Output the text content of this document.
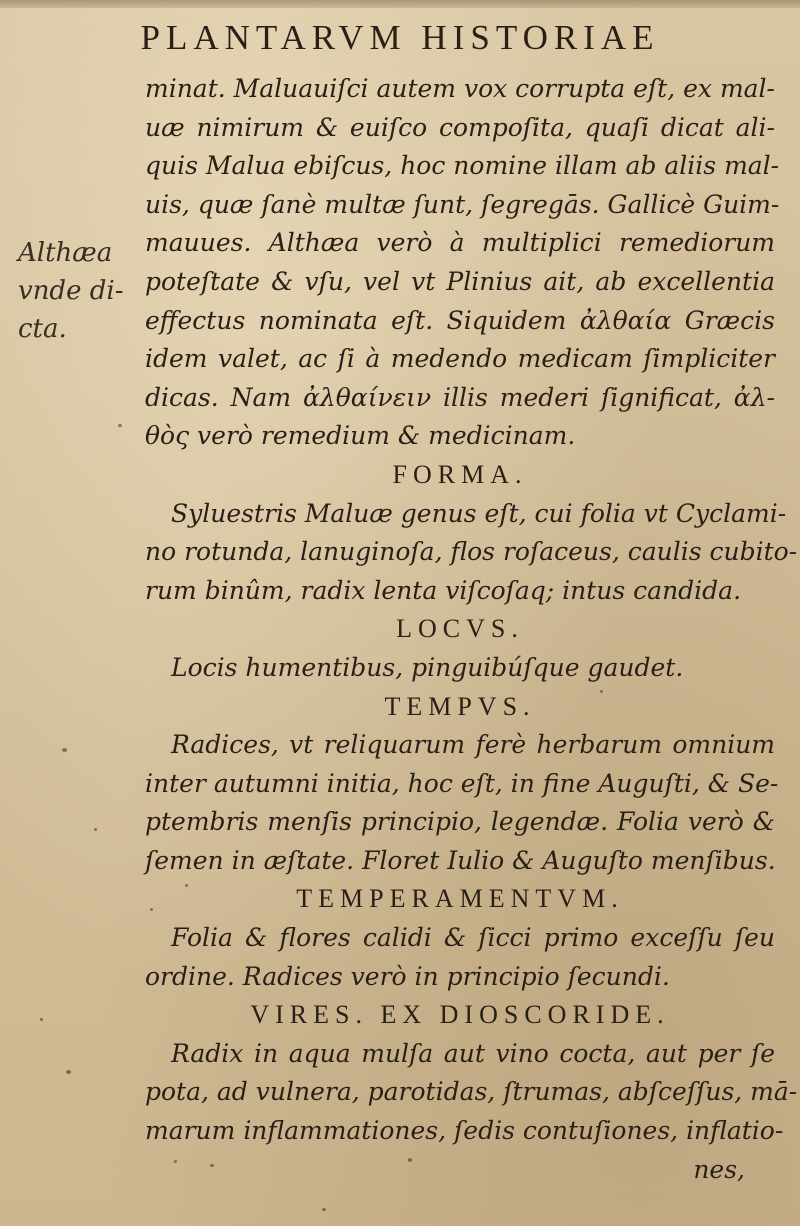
PLANTARVM HISTORIAE
Althæa
vnde di-
cta.
minat. Maluauiſci autem vox corrupta eſt, ex mal-
uæ nimirum & euiſco compoſita, quaſi dicat ali-
quis Malua ebiſcus, hoc nomine illam ab aliis mal-
uis, quæ ſanè multæ ſunt, ſegregās. Gallicè Guim-
mauues. Althæa verò à multiplici remediorum
poteſtate & vſu, vel vt Plinius ait, ab excellentia
effectus nominata eſt. Siquidem ἀλθαία Græcis
idem valet, ac ſi à medendo medicam ſimpliciter
dicas. Nam ἀλθαίνειν illis mederi ſignificat, ἀλ-
θὸς verò remedium & medicinam.
FORMA.
Syluestris Maluæ genus eſt, cui folia vt Cyclami-
no rotunda, lanuginoſa, flos roſaceus, caulis cubito-
rum binûm, radix lenta viſcoſaq; intus candida.
LOCVS.
Locis humentibus, pinguibúſque gaudet.
TEMPVS.
Radices, vt reliquarum ferè herbarum omnium
inter autumni initia, hoc eſt, in fine Auguſti, & Se-
ptembris menſis principio, legendæ. Folia verò &
ſemen in æſtate. Floret Iulio & Auguſto menſibus.
TEMPERAMENTVM.
Folia & flores calidi & ſicci primo exceſſu ſeu
ordine. Radices verò in principio ſecundi.
VIRES. EX DIOSCORIDE.
Radix in aqua mulſa aut vino cocta, aut per ſe
pota, ad vulnera, parotidas, ſtrumas, abſceſſus, mā-
marum inflammationes, ſedis contuſiones, inflatio-
nes,
